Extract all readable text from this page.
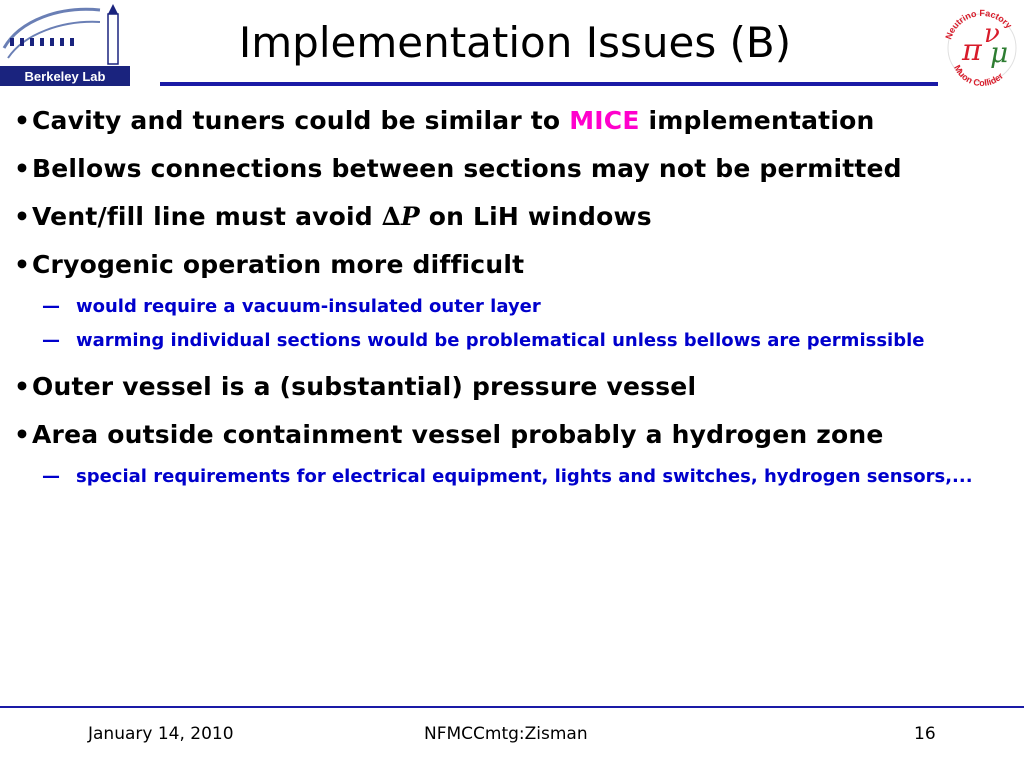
Berkeley Lab
Implementation Issues (B)	Neutrino Factory
Muon Collider
π ν
μ
• Cavity and tuners could be similar to MICE implementation
• Bellows connections between sections may not be permitted
• Vent/fill line must avoid ∆P on LiH windows
• Cryogenic operation more difficult
— would require a vacuum-insulated outer layer
— warming individual sections would be problematical unless bellows are permissible
• Outer vessel is a (substantial) pressure vessel
• Area outside containment vessel probably a hydrogen zone
— special requirements for electrical equipment, lights and switches, hydrogen sensors,...
January 14, 2010	NFMCCmtg:Zisman	16
